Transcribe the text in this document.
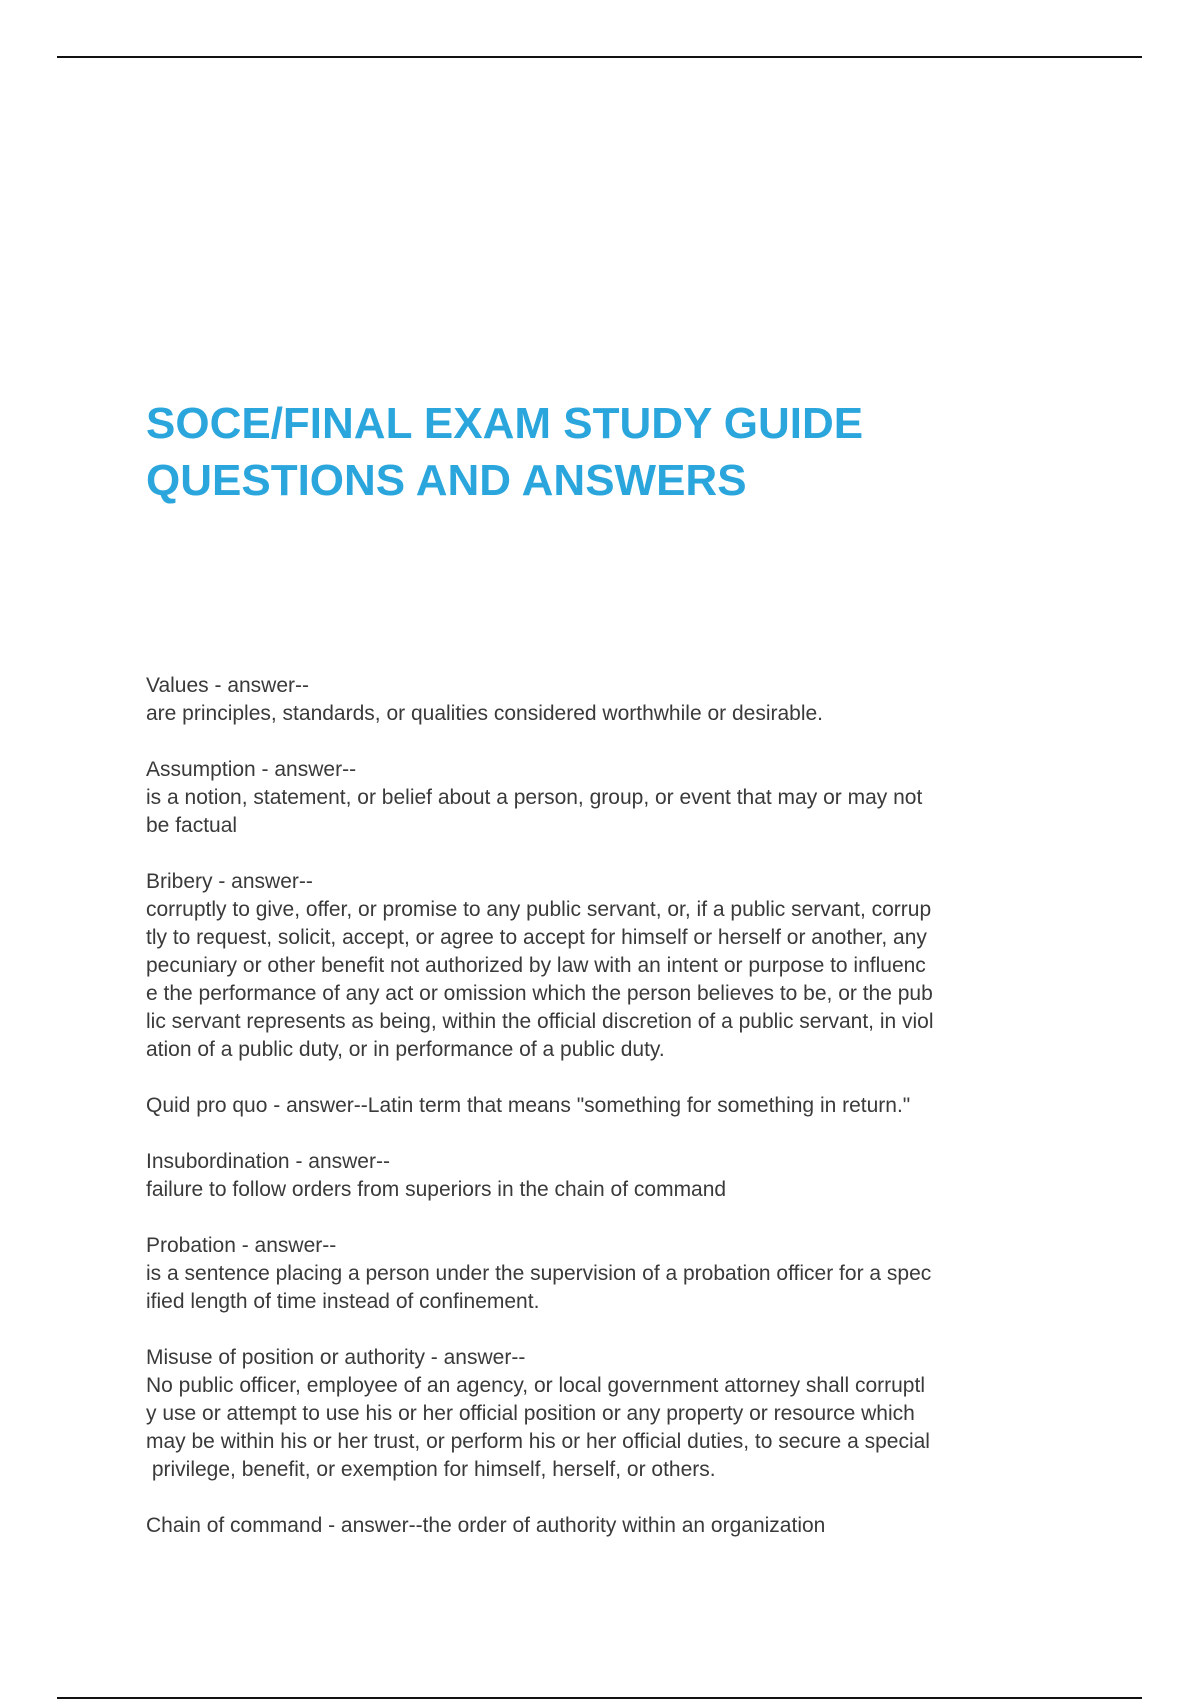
SOCE/FINAL EXAM STUDY GUIDE
QUESTIONS AND ANSWERS
Values - answer--
are principles, standards, or qualities considered worthwhile or desirable.
Assumption - answer--
is a notion, statement, or belief about a person, group, or event that may or may not
be factual
Bribery - answer--
corruptly to give, offer, or promise to any public servant, or, if a public servant, corrup
tly to request, solicit, accept, or agree to accept for himself or herself or another, any
pecuniary or other benefit not authorized by law with an intent or purpose to influenc
e the performance of any act or omission which the person believes to be, or the pub
lic servant represents as being, within the official discretion of a public servant, in viol
ation of a public duty, or in performance of a public duty.
Quid pro quo - answer--Latin term that means "something for something in return."
Insubordination - answer--
failure to follow orders from superiors in the chain of command
Probation - answer--
is a sentence placing a person under the supervision of a probation officer for a spec
ified length of time instead of confinement.
Misuse of position or authority - answer--
No public officer, employee of an agency, or local government attorney shall corruptl
y use or attempt to use his or her official position or any property or resource which
may be within his or her trust, or perform his or her official duties, to secure a special
privilege, benefit, or exemption for himself, herself, or others.
Chain of command - answer--the order of authority within an organization
